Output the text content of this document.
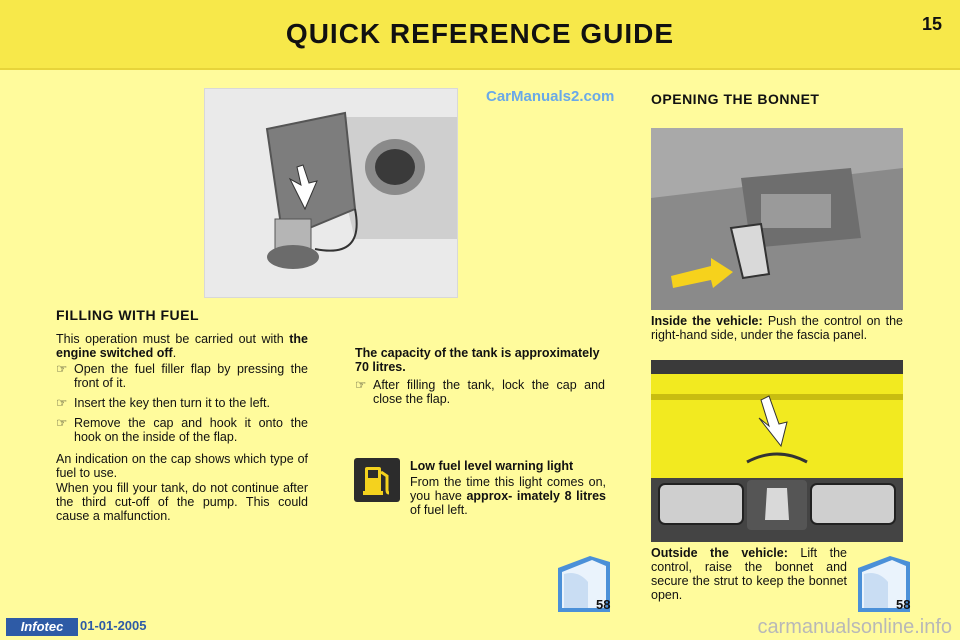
QUICK REFERENCE GUIDE	15
CarManuals2.com
FILLING WITH FUEL
This operation must be carried out with the engine switched off.
☞ Open the fuel filler flap by pressing the front of it.
☞ Insert the key then turn it to the left.
☞ Remove the cap and hook it onto the hook on the inside of the flap.
An indication on the cap shows which type of fuel to use.
When you fill your tank, do not continue after the third cut-off of the pump. This could cause a malfunction.
The capacity of the tank is approximately 70 litres.
☞ After filling the tank, lock the cap and close the flap.
Low fuel level warning light
From the time this light comes on, you have approx- imately 8 litres of fuel left.
58
OPENING THE BONNET
Inside the vehicle: Push the control on the right-hand side, under the fascia panel.
Outside the vehicle: Lift the control, raise the bonnet and secure the strut to keep the bonnet open.
58
Infotec	01-01-2005	carmanualsonline.info
